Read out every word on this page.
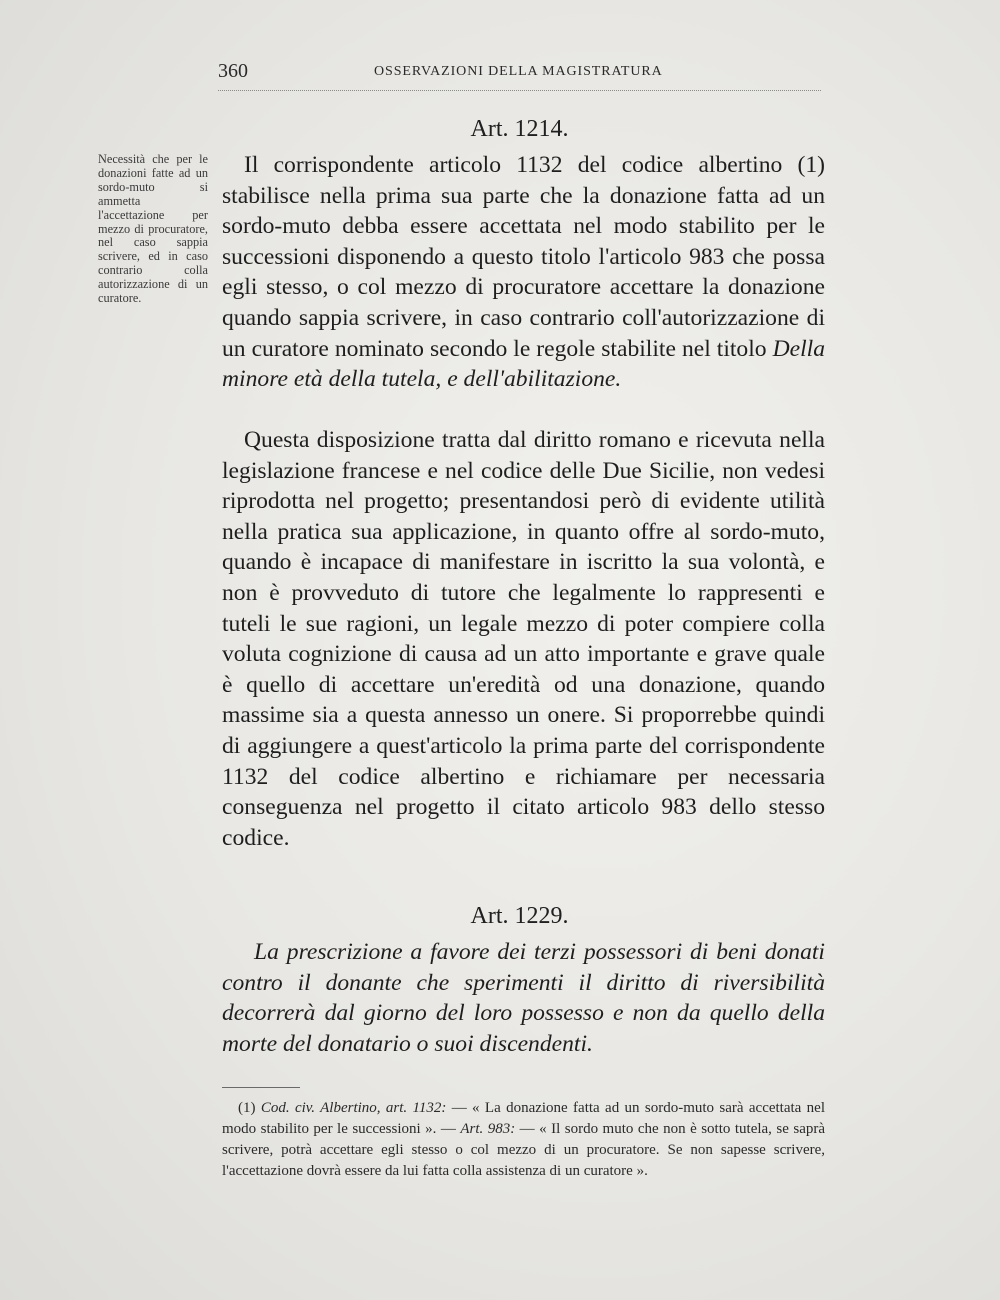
360	OSSERVAZIONI DELLA MAGISTRATURA
Necessità che per le donazioni fatte ad un sordo-muto si ammetta l'accettazione per mezzo di procuratore, nel caso sappia scrivere, ed in caso contrario colla autorizzazione di un curatore.
Art. 1214.

Il corrispondente articolo 1132 del codice albertino (1) stabilisce nella prima sua parte che la donazione fatta ad un sordo-muto debba essere accettata nel modo stabilito per le successioni disponendo a questo titolo l'articolo 983 che possa egli stesso, o col mezzo di procuratore accettare la donazione quando sappia scrivere, in caso contrario coll'autorizzazione di un curatore nominato secondo le regole stabilite nel titolo Della minore età della tutela, e dell'abilitazione.

Questa disposizione tratta dal diritto romano e ricevuta nella legislazione francese e nel codice delle Due Sicilie, non vedesi riprodotta nel progetto; presentandosi però di evidente utilità nella pratica sua applicazione, in quanto offre al sordo-muto, quando è incapace di manifestare in iscritto la sua volontà, e non è provveduto di tutore che legalmente lo rappresenti e tuteli le sue ragioni, un legale mezzo di poter compiere colla voluta cognizione di causa ad un atto importante e grave quale è quello di accettare un'eredità od una donazione, quando massime sia a questa annesso un onere. Si proporrebbe quindi di aggiungere a quest'articolo la prima parte del corrispondente 1132 del codice albertino e richiamare per necessaria conseguenza nel progetto il citato articolo 983 dello stesso codice.

Art. 1229.

La prescrizione a favore dei terzi possessori di beni donati contro il donante che sperimenti il diritto di riversibilità decorrerà dal giorno del loro possesso e non da quello della morte del donatario o suoi discendenti.

(1) Cod. civ. Albertino, art. 1132: — « La donazione fatta ad un sordo-muto sarà accettata nel modo stabilito per le successioni ». — Art. 983: — « Il sordo muto che non è sotto tutela, se saprà scrivere, potrà accettare egli stesso o col mezzo di un procuratore. Se non sapesse scrivere, l'accettazione dovrà essere da lui fatta colla assistenza di un curatore ».
